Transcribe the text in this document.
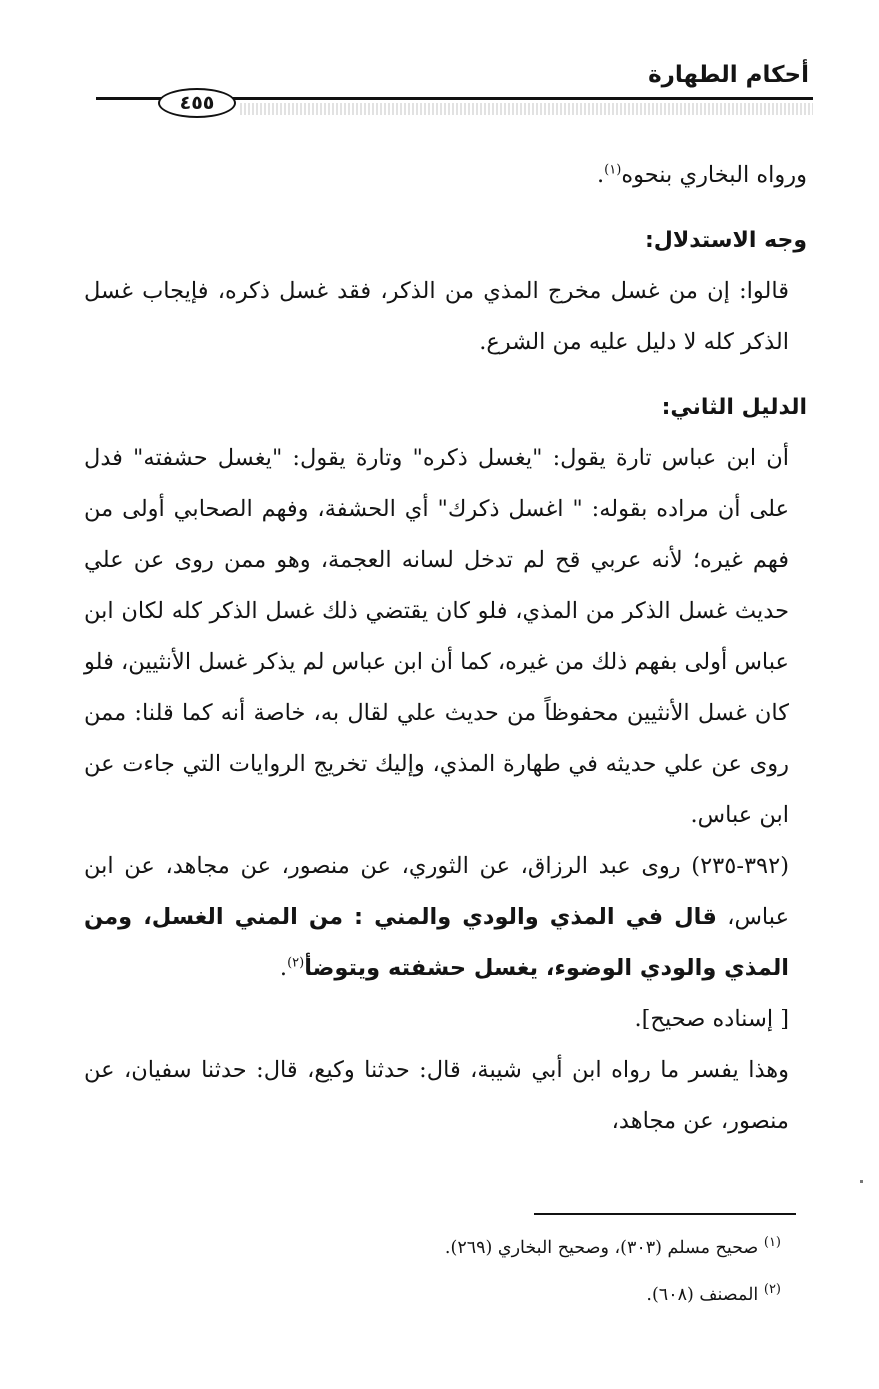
أحكام الطهارة
٤٥٥

ورواه البخاري بنحوه$^{(١)}$.

وجه الاستدلال:

قالوا: إن من غسل مخرج المذي من الذكر، فقد غسل ذكره، فإيجاب غسل الذكر كله لا دليل عليه من الشرع.

الدليل الثاني:

أن ابن عباس تارة يقول: "يغسل ذكره" وتارة يقول: "يغسل حشفته" فدل على أن مراده بقوله: " اغسل ذكرك" أي الحشفة، وفهم الصحابي أولى من فهم غيره؛ لأنه عربي قح لم تدخل لسانه العجمة، وهو ممن روى عن علي حديث غسل الذكر من المذي، فلو كان يقتضي ذلك غسل الذكر كله لكان ابن عباس أولى بفهم ذلك من غيره، كما أن ابن عباس لم يذكر غسل الأنثيين، فلو كان غسل الأنثيين محفوظاً من حديث علي لقال به، خاصة أنه كما قلنا: ممن روى عن علي حديثه في طهارة المذي، وإليك تخريج الروايات التي جاءت عن ابن عباس.

(٣٩٢-٢٣٥) روى عبد الرزاق، عن الثوري، عن منصور، عن مجاهد، عن ابن عباس، قال في المذي والودي والمني : من المني الغسل، ومن المذي والودي الوضوء، يغسل حشفته ويتوضأ$^{(٢)}$.

[ إسناده صحيح].

وهذا يفسر ما رواه ابن أبي شيبة، قال: حدثنا وكيع، قال: حدثنا سفيان، عن منصور، عن مجاهد،

$^{(١)}$ صحيح مسلم (٣٠٣)، وصحيح البخاري (٢٦٩).

$^{(٢)}$ المصنف (٦٠٨).
